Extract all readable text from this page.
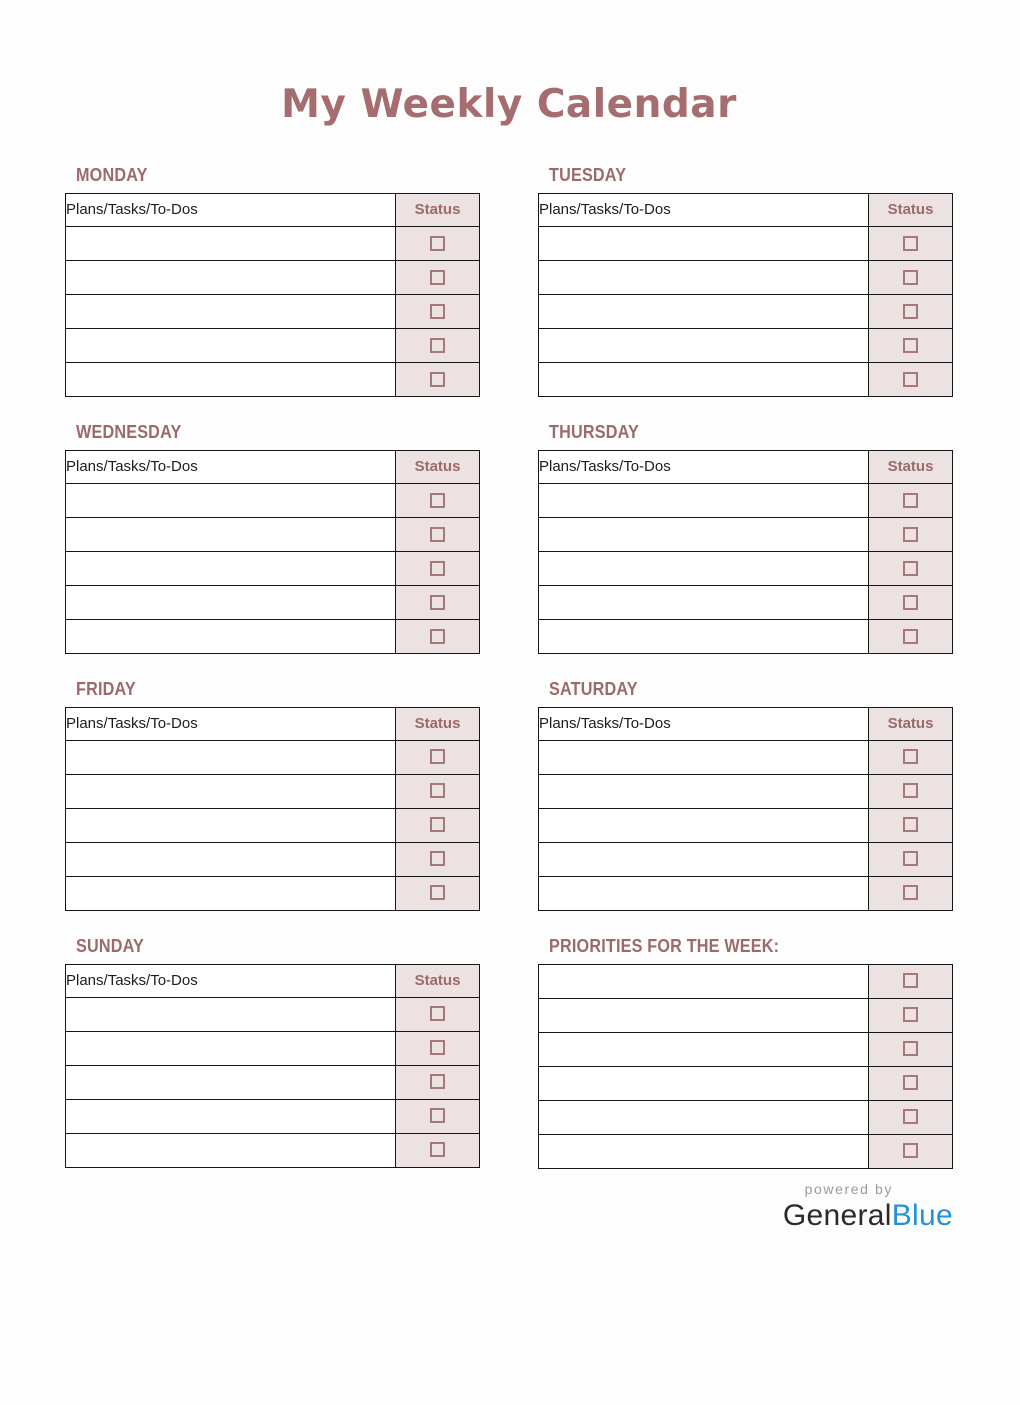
My Weekly Calendar
MONDAY
Plans/Tasks/To-Dos	Status

TUESDAY
Plans/Tasks/To-Dos	Status

WEDNESDAY
Plans/Tasks/To-Dos	Status

THURSDAY
Plans/Tasks/To-Dos	Status

FRIDAY
Plans/Tasks/To-Dos	Status

SATURDAY
Plans/Tasks/To-Dos	Status

SUNDAY
Plans/Tasks/To-Dos	Status

PRIORITIES FOR THE WEEK:

powered by
GeneralBlue
